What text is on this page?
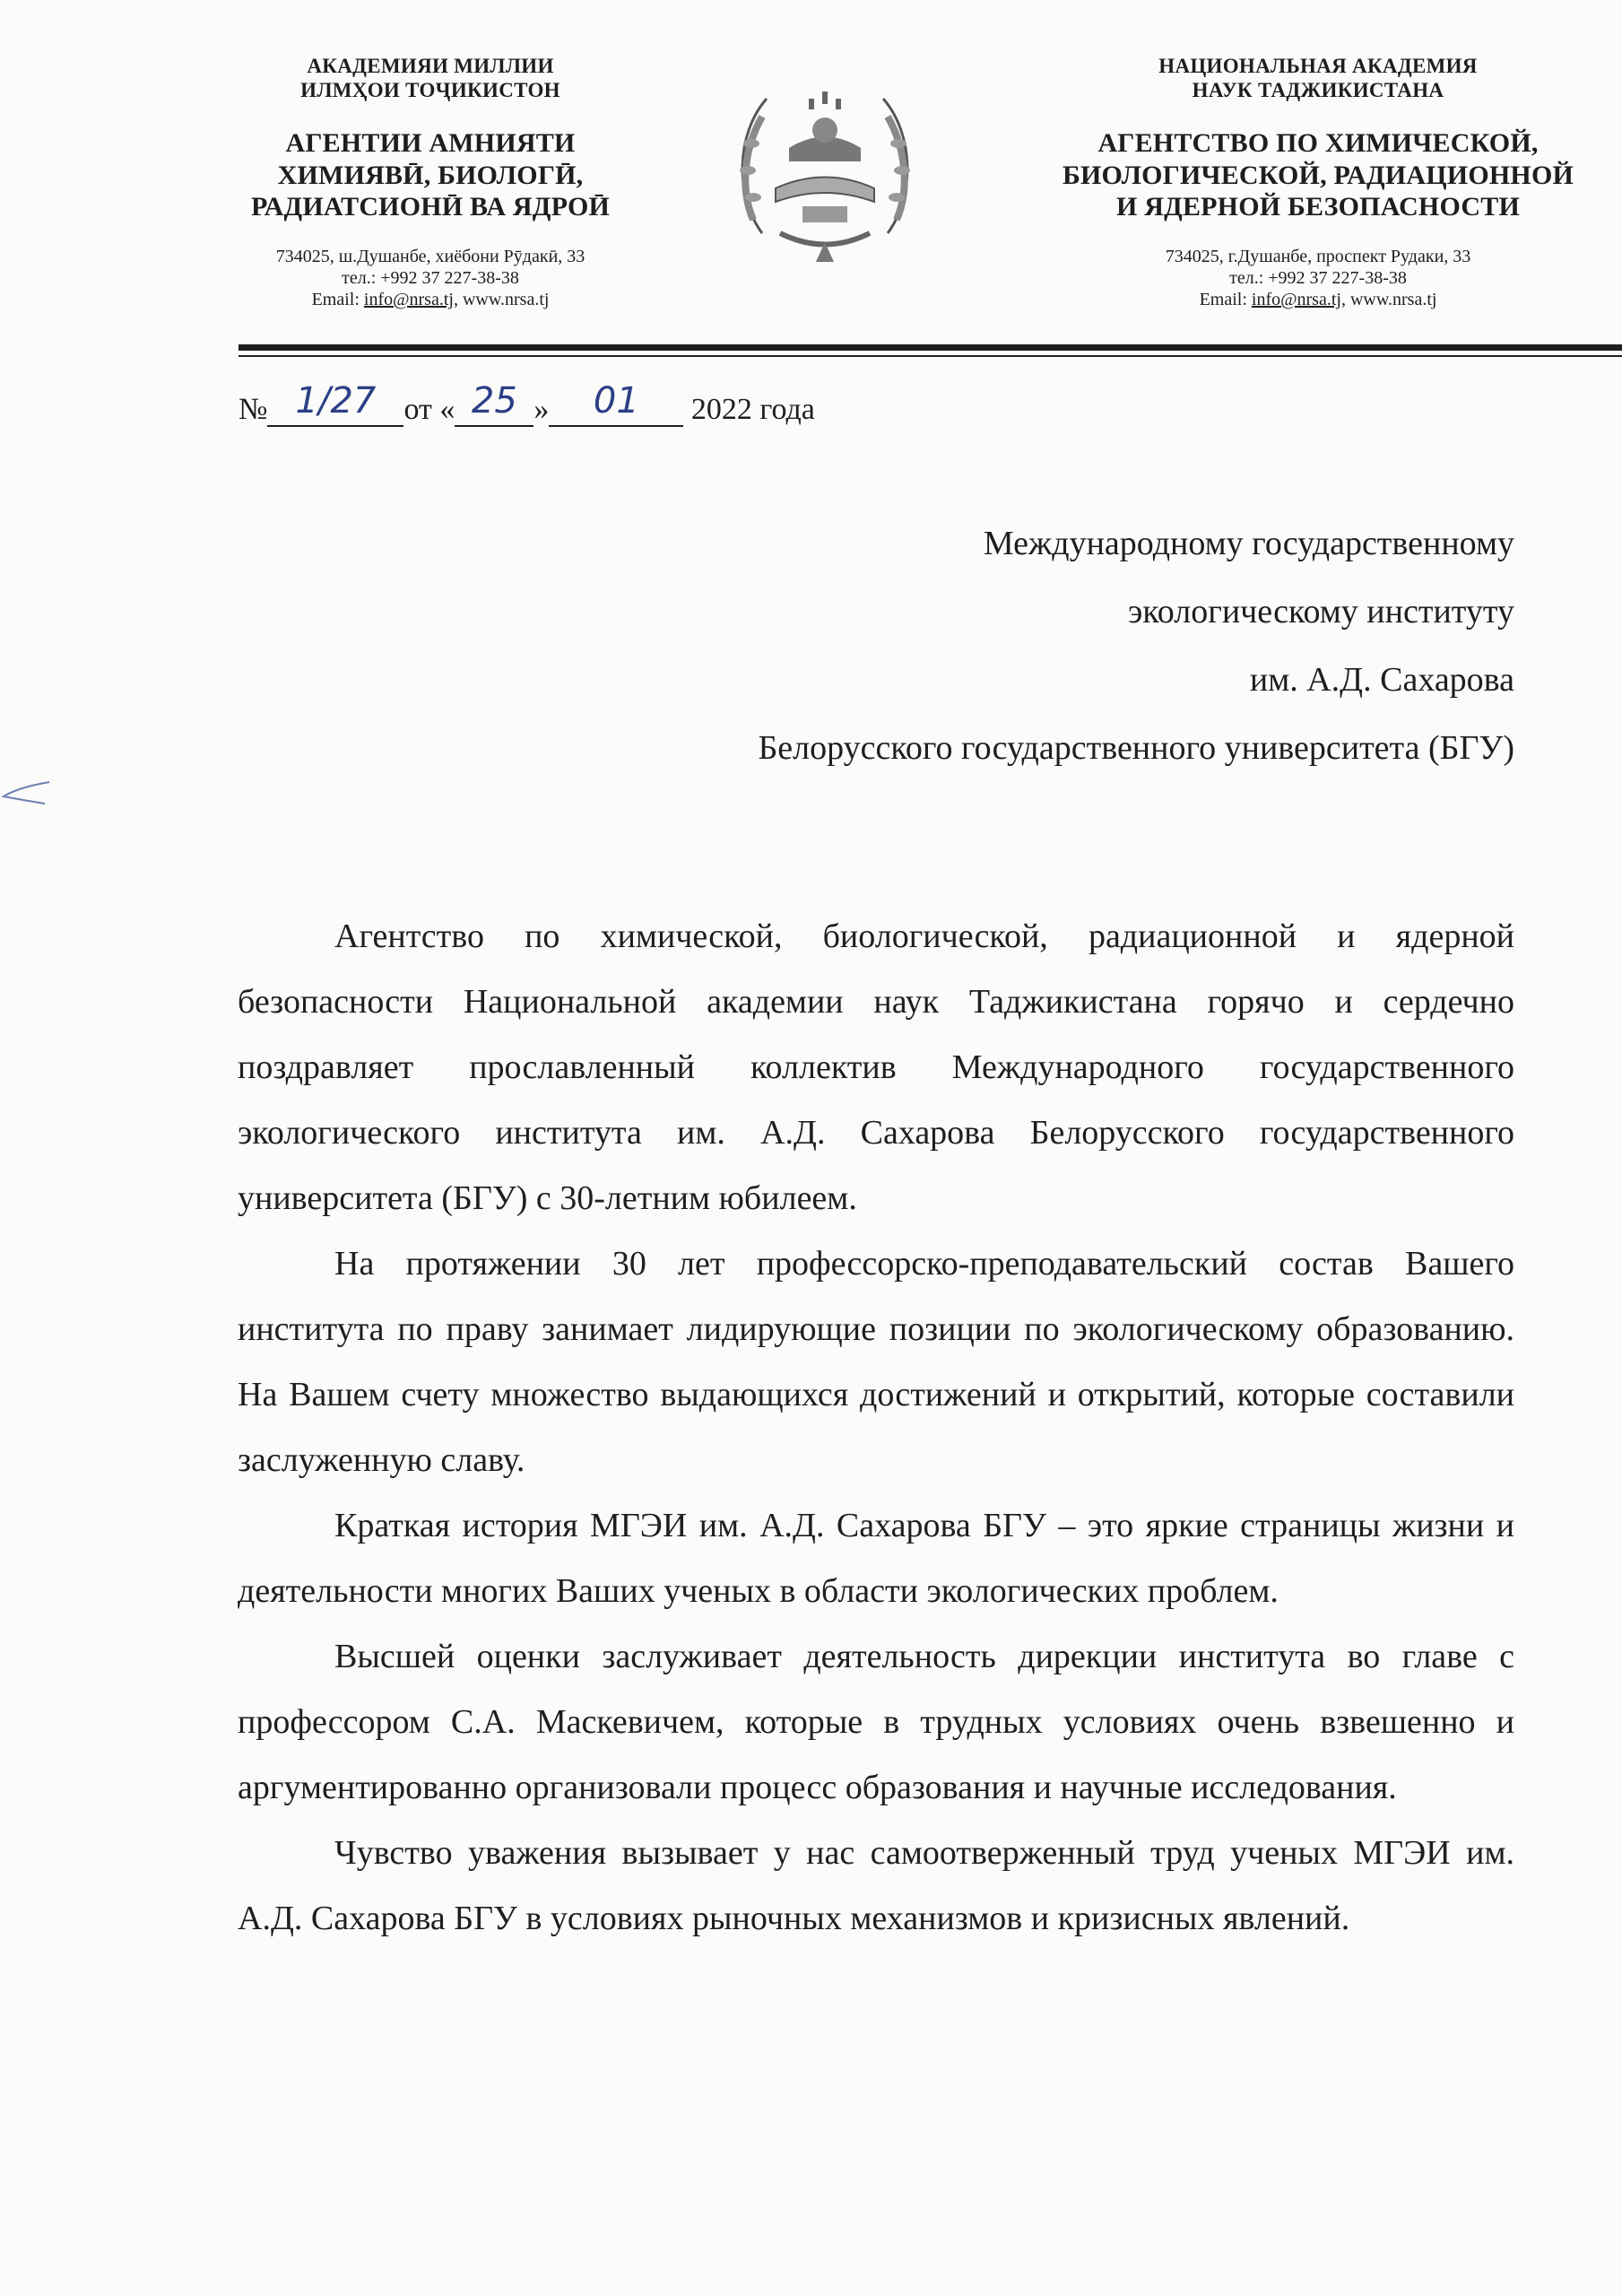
АКАДЕМИЯИ МИЛЛИИ
ИЛМҲОИ ТОҶИКИСТОН
АГЕНТИИ АМНИЯТИ
ХИМИЯВӢ, БИОЛОГӢ,
РАДИАТСИОНӢ ВА ЯДРОӢ
734025, ш.Душанбе, хиёбони Рӯдакӣ, 33
тел.: +992 37 227-38-38
Email: info@nrsa.tj, www.nrsa.tj
НАЦИОНАЛЬНАЯ АКАДЕМИЯ
НАУК ТАДЖИКИСТАНА
АГЕНТСТВО ПО ХИМИЧЕСКОЙ,
БИОЛОГИЧЕСКОЙ, РАДИАЦИОННОЙ
И ЯДЕРНОЙ БЕЗОПАСНОСТИ
734025, г.Душанбе, проспект Рудаки, 33
тел.: +992 37 227-38-38
Email: info@nrsa.tj, www.nrsa.tj
№ 1/27 от « 25 »	01	2022 года
Международному государственному
экологическому институту
им. А.Д. Сахарова
Белорусского государственного университета (БГУ)

Агентство по химической, биологической, радиационной и ядерной безопасности Национальной академии наук Таджикистана горячо и сердечно поздравляет прославленный коллектив Международного государственного экологического института им. А.Д. Сахарова Белорусского государственного университета (БГУ) с 30-летним юбилеем.

На протяжении 30 лет профессорско-преподавательский состав Вашего института по праву занимает лидирующие позиции по экологическому образованию. На Вашем счету множество выдающихся достижений и открытий, которые составили заслуженную славу.

Краткая история МГЭИ им. А.Д. Сахарова БГУ – это яркие страницы жизни и деятельности многих Ваших ученых в области экологических проблем.

Высшей оценки заслуживает деятельность дирекции института во главе с профессором С.А. Маскевичем, которые в трудных условиях очень взвешенно и аргументированно организовали процесс образования и научные исследования.

Чувство уважения вызывает у нас самоотверженный труд ученых МГЭИ им. А.Д. Сахарова БГУ в условиях рыночных механизмов и кризисных явлений.
